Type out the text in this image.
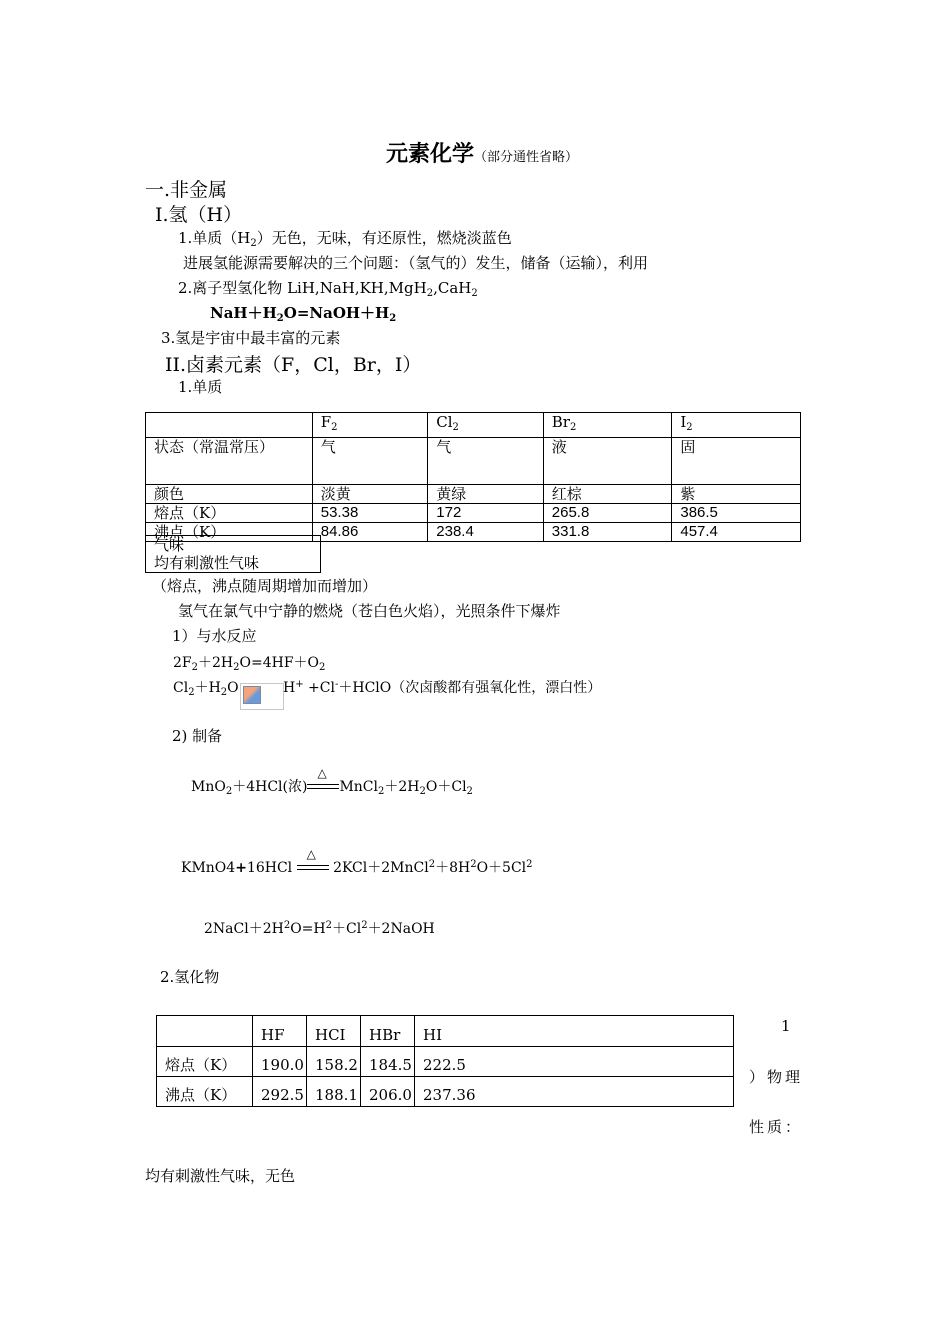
元素化学（部分通性省略）
一.非金属
I.氢（H）
1.单质$(H_2)$无色，无味，有还原性，燃烧淡蓝色
进展氢能源需要解决的三个问题：（氢气的）发生，储备（运输），利用
2.离子型氢化物 LiH,NaH,KH,MgH$_2$,CaH$_2$
$NaH+H_2O=NaOH+H_2$
3.氢是宇宙中最丰富的元素
II.卤素元素（F，Cl，Br，I）
1.单质
	$F_2$	$Cl_2$	$Br_2$	$I_2$
状态（常温常压）	气	气	液	固
颜色	淡黄	黄绿	红棕	紫
熔点（K）	53.38	172	265.8	386.5
沸点（K）	84.86	238.4	331.8	457.4
气味
均有刺激性气味
（熔点，沸点随周期增加而增加）
氢气在氯气中宁静的燃烧（苍白色火焰），光照条件下爆炸
1）与水反应
$2F_2+2H_2O=4HF+O_2$
$Cl_2+H_2O$	H+ +Cl-＋HClO（次卤酸都有强氧化性，漂白性）
2) 制备
MnO$_2$＋4HCl(浓)
△
$MnCl_2+2H_2O+Cl_2$
KMnO4+16HCl
△
$2KCl+2MnCl^2+8H^2O+5Cl^2$
$2NaCl+2H^2O=H^2+Cl^2+2NaOH$
2.氢化物
	HF	HCI	HBr	HI
熔点（K）	190.0	158.2	184.5	222.5
沸点（K）	292.5	188.1	206.0	237.36
1
）物理
性质：
均有刺激性气味，无色
